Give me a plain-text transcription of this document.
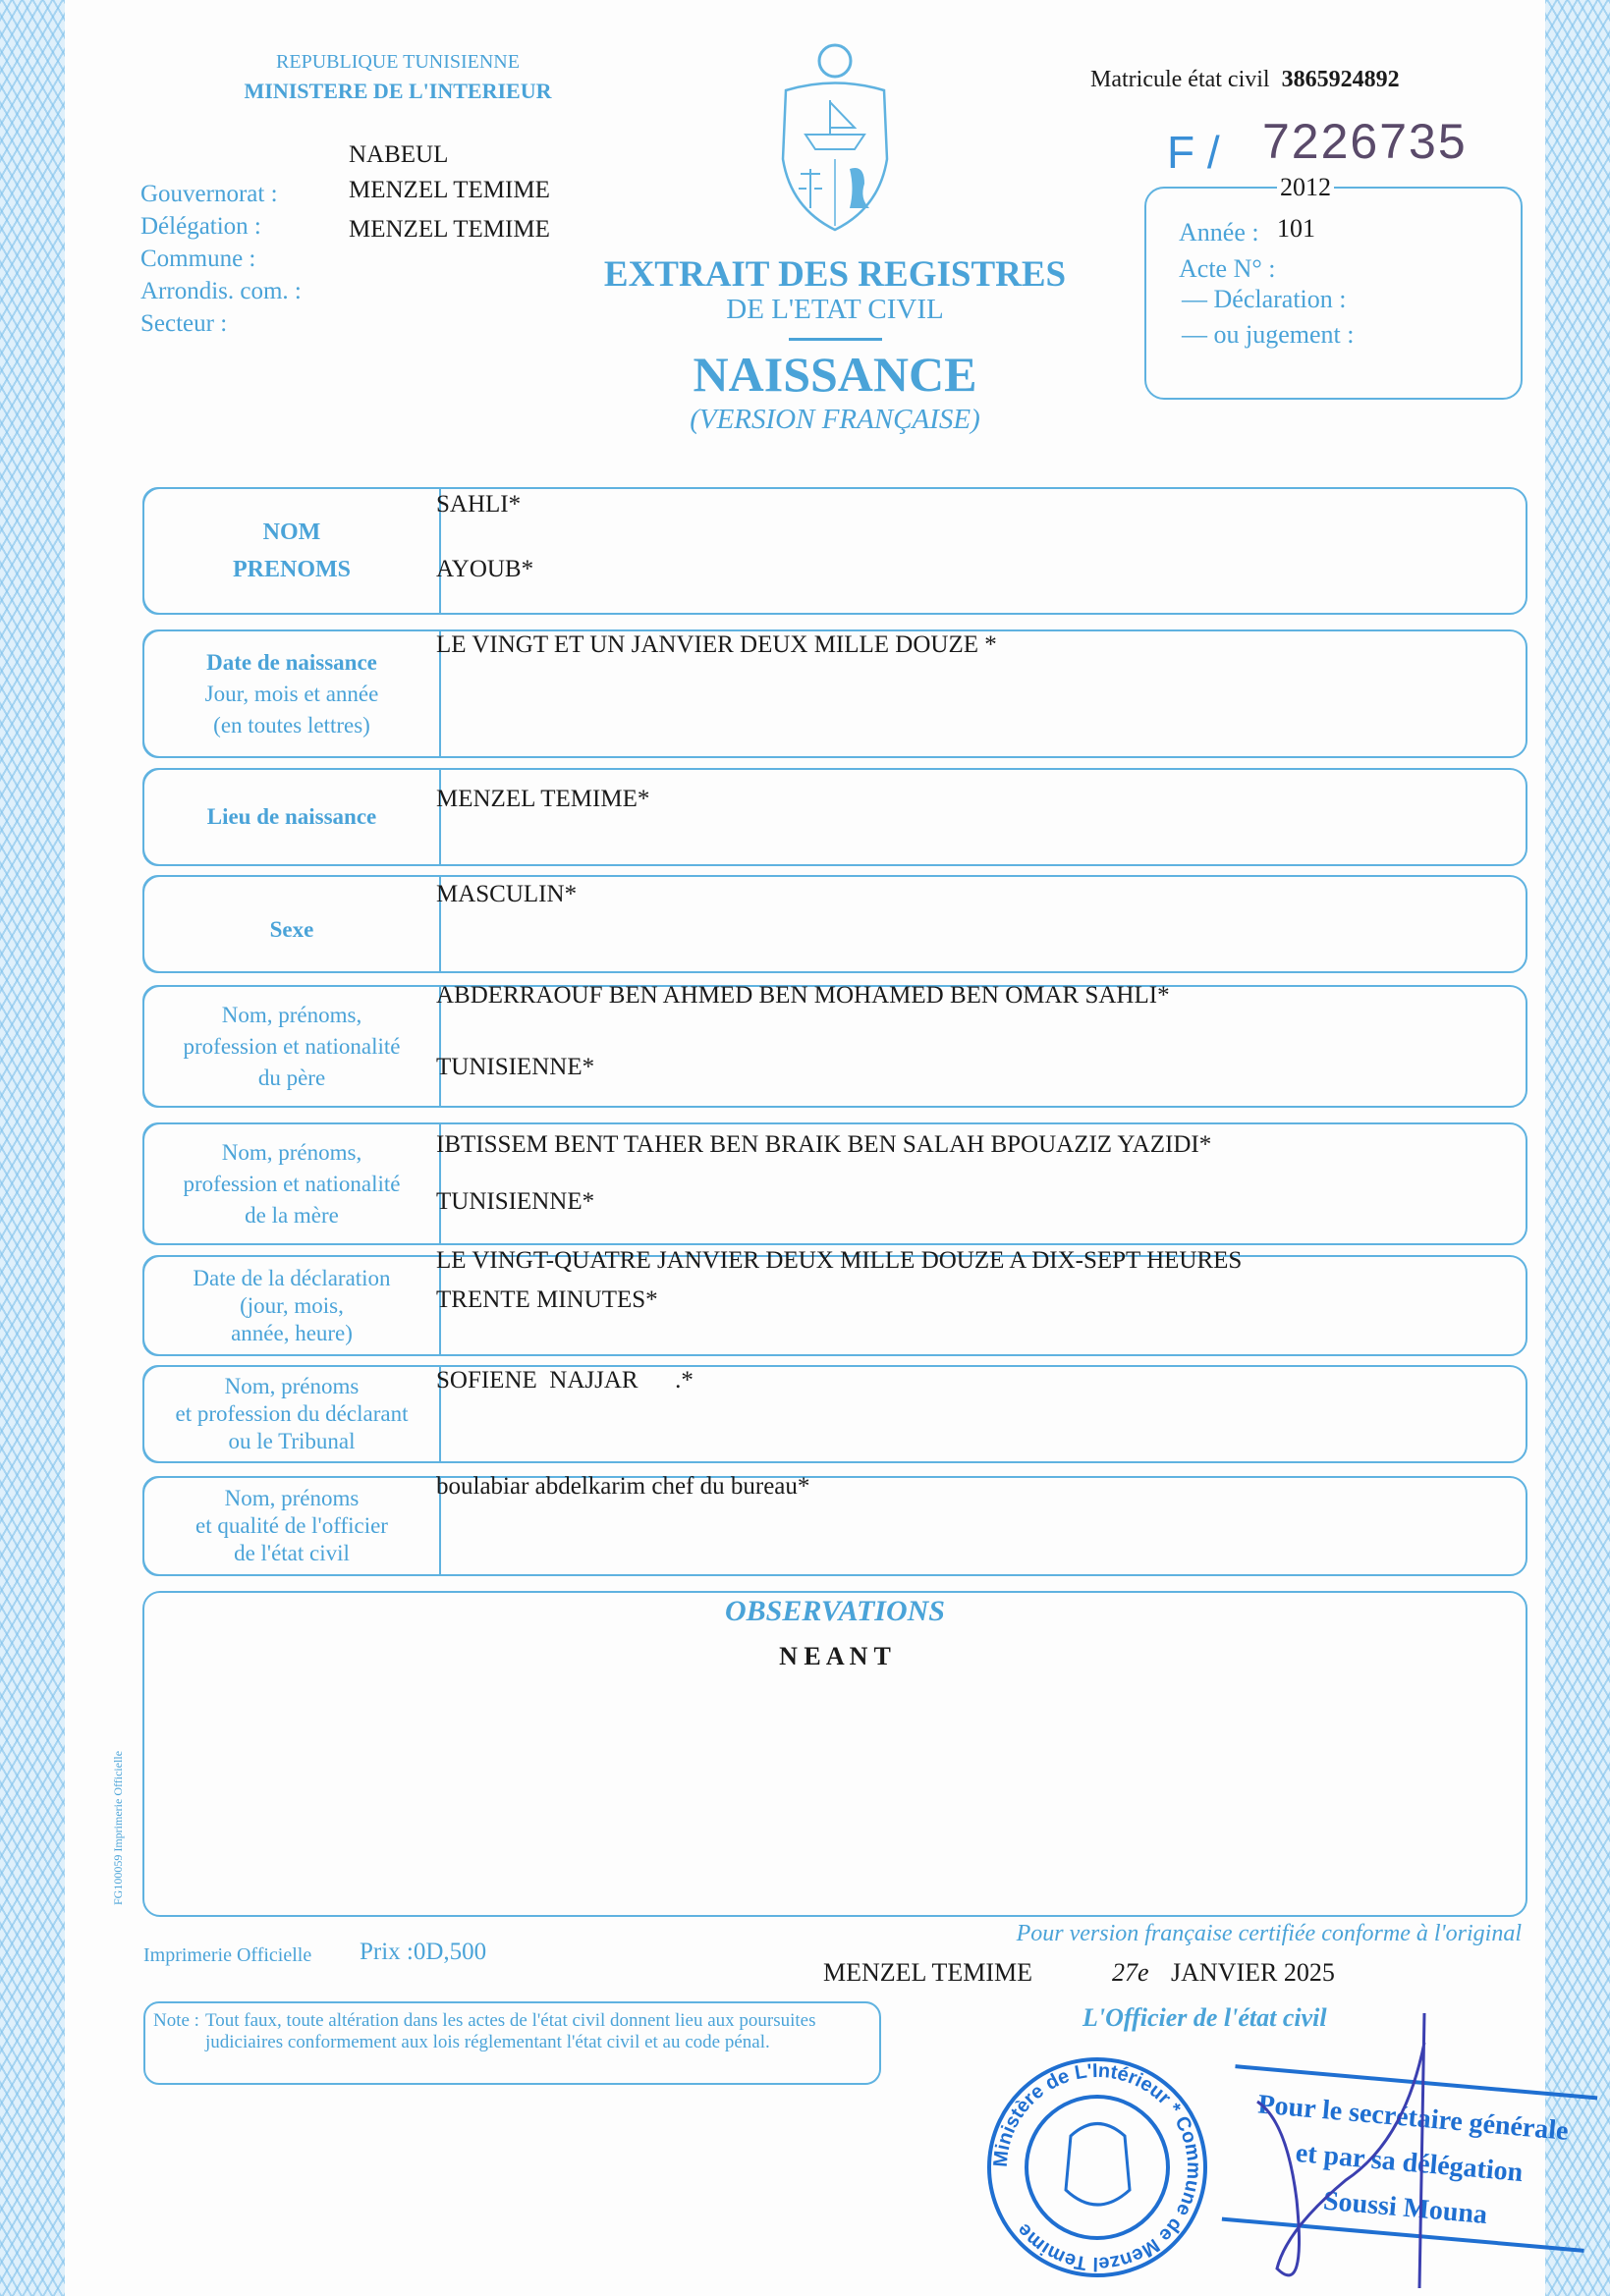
REPUBLIQUE TUNISIENNE
MINISTERE DE L'INTERIEUR	Matricule état civil 3865924892
F / 7226735
2012
Année : 101
Acte N° :
— Déclaration :
— ou jugement :
Gouvernorat :
Délégation :
Commune :
Arrondis. com. :
Secteur :
NABEUL
MENZEL TEMIME
MENZEL TEMIME
EXTRAIT DES REGISTRES
DE L'ETAT CIVIL
NAISSANCE
(VERSION FRANÇAISE)
NOM
PRENOMS
SAHLI*
AYOUB*
Date de naissance
Jour, mois et année
(en toutes lettres)
LE VINGT ET UN JANVIER DEUX MILLE DOUZE *
Lieu de naissance
MENZEL TEMIME*
Sexe
MASCULIN*
Nom, prénoms,
profession et nationalité
du père
ABDERRAOUF BEN AHMED BEN MOHAMED BEN OMAR SAHLI*
TUNISIENNE*
Nom, prénoms,
profession et nationalité
de la mère
IBTISSEM BENT TAHER BEN BRAIK BEN SALAH BPOUAZIZ YAZIDI*
TUNISIENNE*
Date de la déclaration
(jour, mois,
année, heure)
LE VINGT-QUATRE JANVIER DEUX MILLE DOUZE A DIX-SEPT HEURES
TRENTE MINUTES*
Nom, prénoms
et profession du déclarant
ou le Tribunal
SOFIENE  NAJJAR      .*
Nom, prénoms
et qualité de l'officier
de l'état civil
boulabiar abdelkarim chef du bureau*
OBSERVATIONS
N E A N T
FG100059 Imprimerie Officielle
Imprimerie Officielle Prix :0D,500
Pour version française certifiée conforme à l'original
MENZEL TEMIME	27e JANVIER 2025
Note : Tout faux, toute altération dans les actes de l'état civil donnent lieu aux poursuites judiciaires conformement aux lois réglementant l'état civil et au code pénal.
L'Officier de l'état civil
Ministère de L'Intérieur * Commune de Menzel Temime
Pour le secrétaire générale
et par sa délégation
Soussi Mouna
